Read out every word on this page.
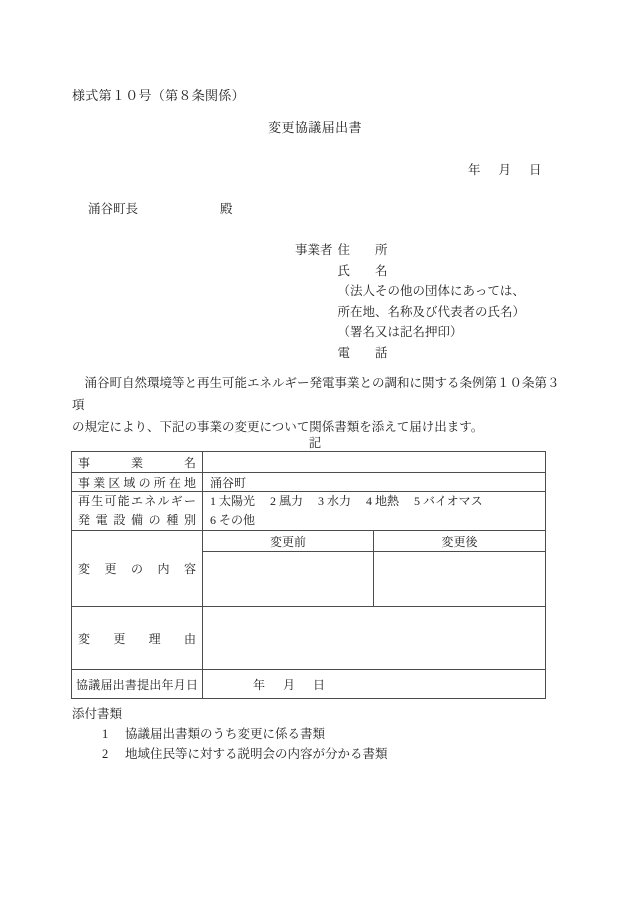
様式第１０号（第８条関係）
変更協議届出書
年 月 日
涌谷町長	殿
事業者 住　　所
氏　　名
（法人その他の団体にあっては、
所在地、名称及び代表者の氏名）
（署名又は記名押印）
電　　話
　涌谷町自然環境等と再生可能エネルギー発電事業との調和に関する条例第１０条第３項
の規定により、下記の事業の変更について関係書類を添えて届け出ます。
記
事業名		
事業区域の所在地	涌谷町	

再生可能エネルギー
発電設備の種別

1 太陽光　 2 風力　 3 水力　 4 地熱　 5 バイオマス
6 その他

変更の内容	変更前	変更後

変更理由		
協議届出書提出年月日	年 月 日	
添付書類
1	協議届出書類のうち変更に係る書類
2	地域住民等に対する説明会の内容が分かる書類
